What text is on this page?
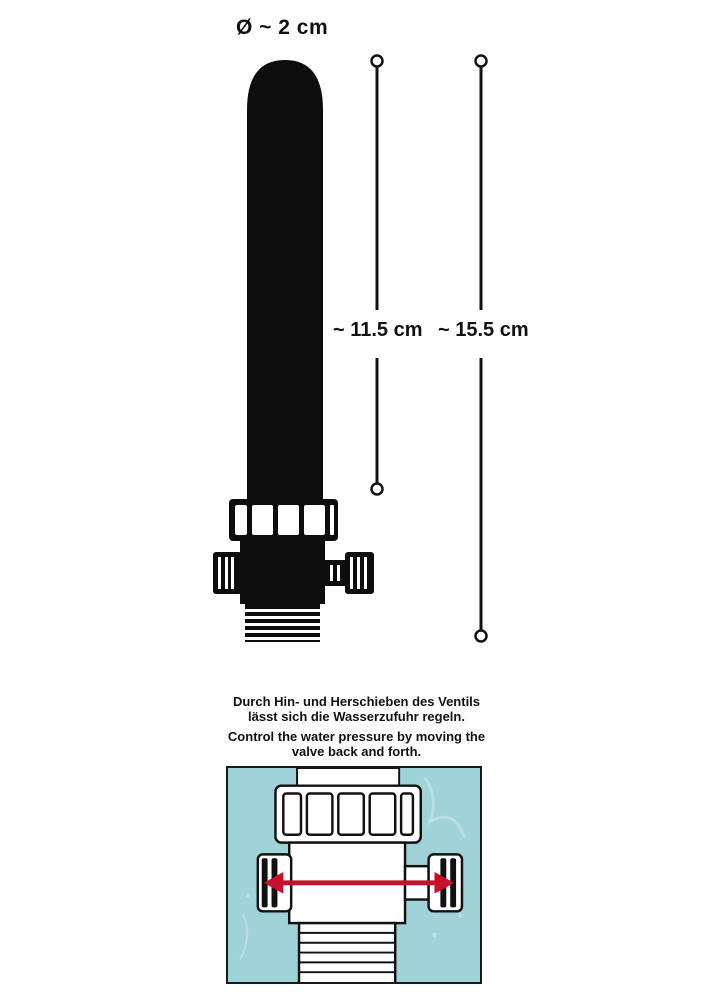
Ø ~ 2 cm
~ 11.5 cm ~ 15.5 cm
Durch Hin- und Herschieben des Ventils
lässt sich die Wasserzufuhr regeln.
Control the water pressure by moving the
valve back and forth.
